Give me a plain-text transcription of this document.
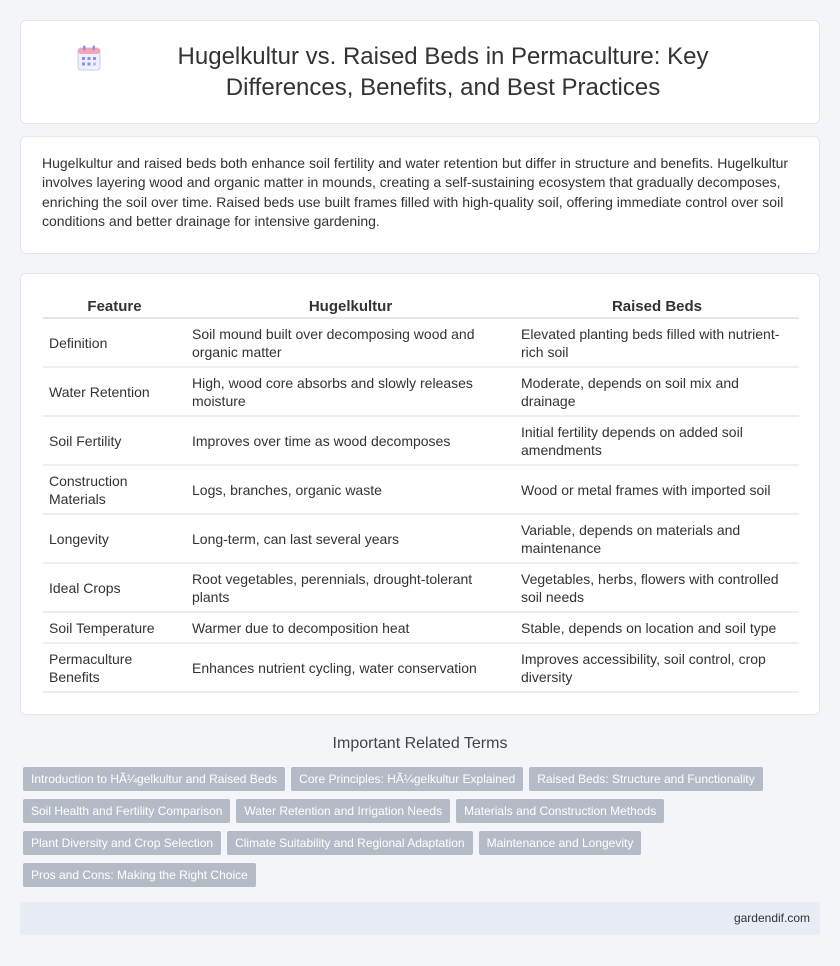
Hugelkultur vs. Raised Beds in Permaculture: Key Differences, Benefits, and Best Practices

Hugelkultur and raised beds both enhance soil fertility and water retention but differ in structure and benefits. Hugelkultur involves layering wood and organic matter in mounds, creating a self-sustaining ecosystem that gradually decomposes, enriching the soil over time. Raised beds use built frames filled with high-quality soil, offering immediate control over soil conditions and better drainage for intensive gardening.

Feature	Hugelkultur	Raised Beds
Definition	Soil mound built over decomposing wood and organic matter	Elevated planting beds filled with nutrient-rich soil
Water Retention	High, wood core absorbs and slowly releases moisture	Moderate, depends on soil mix and drainage
Soil Fertility	Improves over time as wood decomposes	Initial fertility depends on added soil amendments
Construction Materials	Logs, branches, organic waste	Wood or metal frames with imported soil
Longevity	Long-term, can last several years	Variable, depends on materials and maintenance
Ideal Crops	Root vegetables, perennials, drought-tolerant plants	Vegetables, herbs, flowers with controlled soil needs
Soil Temperature	Warmer due to decomposition heat	Stable, depends on location and soil type
Permaculture Benefits	Enhances nutrient cycling, water conservation	Improves accessibility, soil control, crop diversity
Important Related Terms
Introduction to HÃ¼gelkultur and Raised Beds	Core Principles: HÃ¼gelkultur Explained	Raised Beds: Structure and Functionality
Soil Health and Fertility Comparison	Water Retention and Irrigation Needs	Materials and Construction Methods
Plant Diversity and Crop Selection	Climate Suitability and Regional Adaptation	Maintenance and Longevity
Pros and Cons: Making the Right Choice
gardendif.com
